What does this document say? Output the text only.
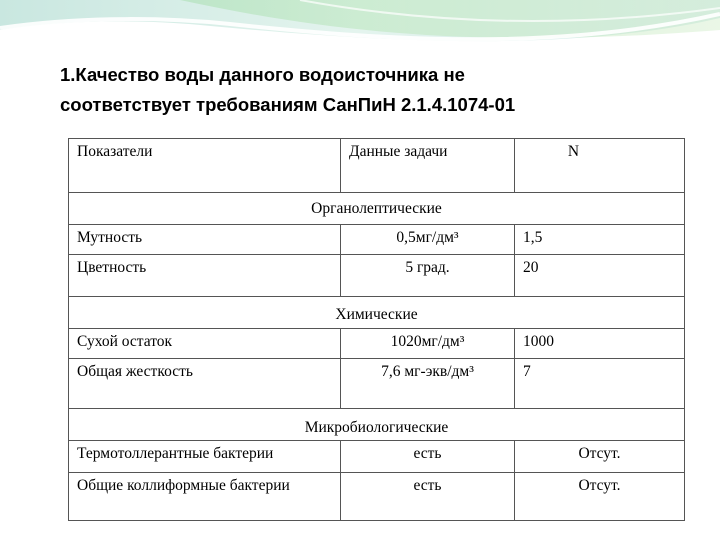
1.Качество воды данного водоисточника не
соответствует требованиям СанПиН 2.1.4.1074-01
Показатели	Данные задачи	N
Органолептические		
Мутность	0,5мг/дм³	1,5
Цветность	5 град.	20
Химические		
Сухой остаток	1020мг/дм³	1000
Общая жесткость	7,6 мг-экв/дм³	7
Микробиологические		
Термотоллерантные бактерии	есть	Отсут.
Общие коллиформные бактерии	есть	Отсут.
